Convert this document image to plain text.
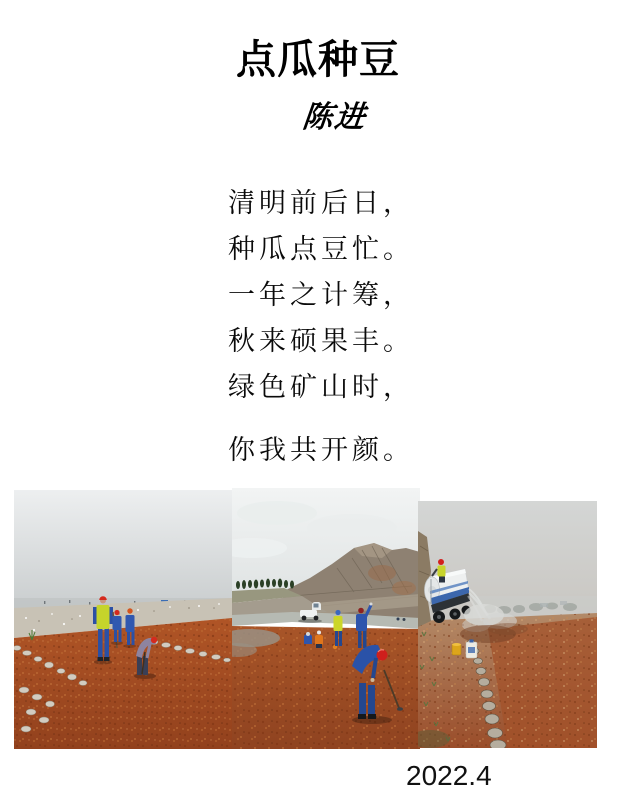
点瓜种豆
陈进
清明前后日，
种瓜点豆忙。
一年之计筹，
秋来硕果丰。
绿色矿山时，
你我共开颜。
2022.4
